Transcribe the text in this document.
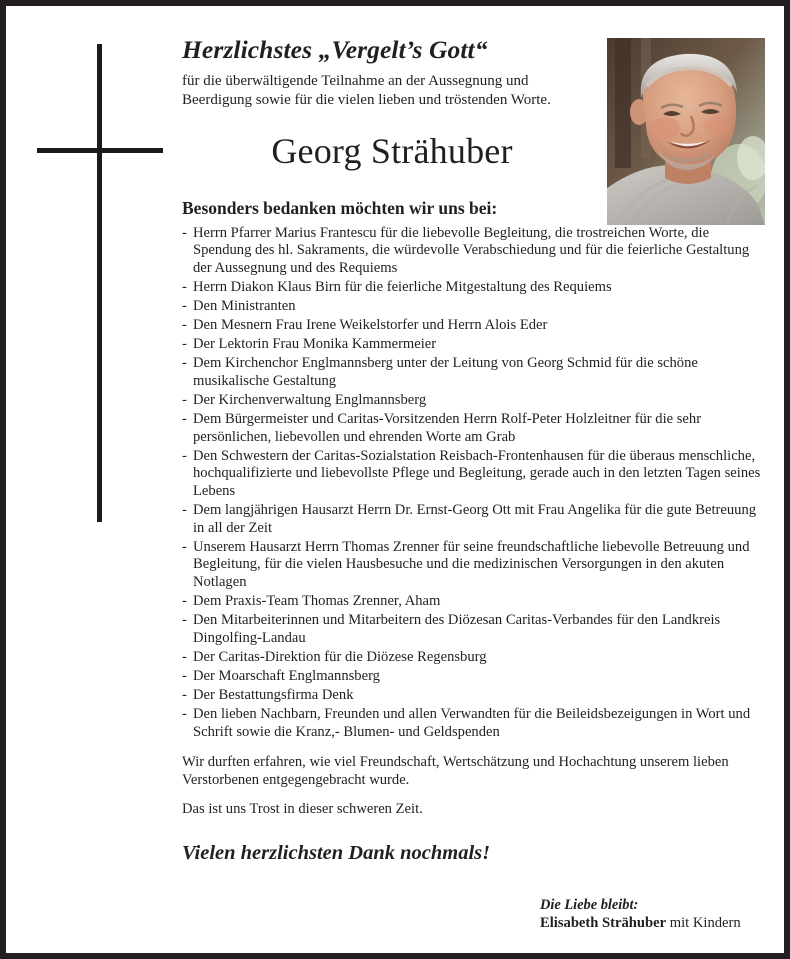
Herzlichstes „Vergelt’s Gott“

für die überwältigende Teilnahme an der Aussegnung und Beerdigung sowie für die vielen lieben und tröstenden Worte.

Georg Strähuber
Besonders bedanken möchten wir uns bei:
- Herrn Pfarrer Marius Frantescu für die liebevolle Begleitung, die trostreichen Worte, die Spendung des hl. Sakraments, die würdevolle Verabschiedung und für die feierliche Gestaltung der Aussegnung und des Requiems
- Herrn Diakon Klaus Birn für die feierliche Mitgestaltung des Requiems
- Den Ministranten
- Den Mesnern Frau Irene Weikelstorfer und Herrn Alois Eder
- Der Lektorin Frau Monika Kammermeier
- Dem Kirchenchor Englmannsberg unter der Leitung von Georg Schmid für die schöne musikalische Gestaltung
- Der Kirchenverwaltung Englmannsberg
- Dem Bürgermeister und Caritas-Vorsitzenden Herrn Rolf-Peter Holzleitner für die sehr persönlichen, liebevollen und ehrenden Worte am Grab
- Den Schwestern der Caritas-Sozialstation Reisbach-Frontenhausen für die überaus menschliche, hochqualifizierte und liebevollste Pflege und Begleitung, gerade auch in den letzten Tagen seines Lebens
- Dem langjährigen Hausarzt Herrn Dr. Ernst-Georg Ott mit Frau Angelika für die gute Betreuung in all der Zeit
- Unserem Hausarzt Herrn Thomas Zrenner für seine freundschaftliche liebevolle Betreuung und Begleitung, für die vielen Hausbesuche und die medizinischen Versorgungen in den akuten Notlagen
- Dem Praxis-Team Thomas Zrenner, Aham
- Den Mitarbeiterinnen und Mitarbeitern des Diözesan Caritas-Verbandes für den Landkreis Dingolfing-Landau
- Der Caritas-Direktion für die Diözese Regensburg
- Der Moarschaft Englmannsberg
- Der Bestattungsfirma Denk
- Den lieben Nachbarn, Freunden und allen Verwandten für die Beileidsbezeigungen in Wort und Schrift sowie die Kranz,- Blumen- und Geldspenden

Wir durften erfahren, wie viel Freundschaft, Wertschätzung und Hochachtung unserem lieben Verstorbenen entgegengebracht wurde.

Das ist uns Trost in dieser schweren Zeit.

Vielen herzlichsten Dank nochmals!
Die Liebe bleibt:
Elisabeth Strähuber mit Kindern
